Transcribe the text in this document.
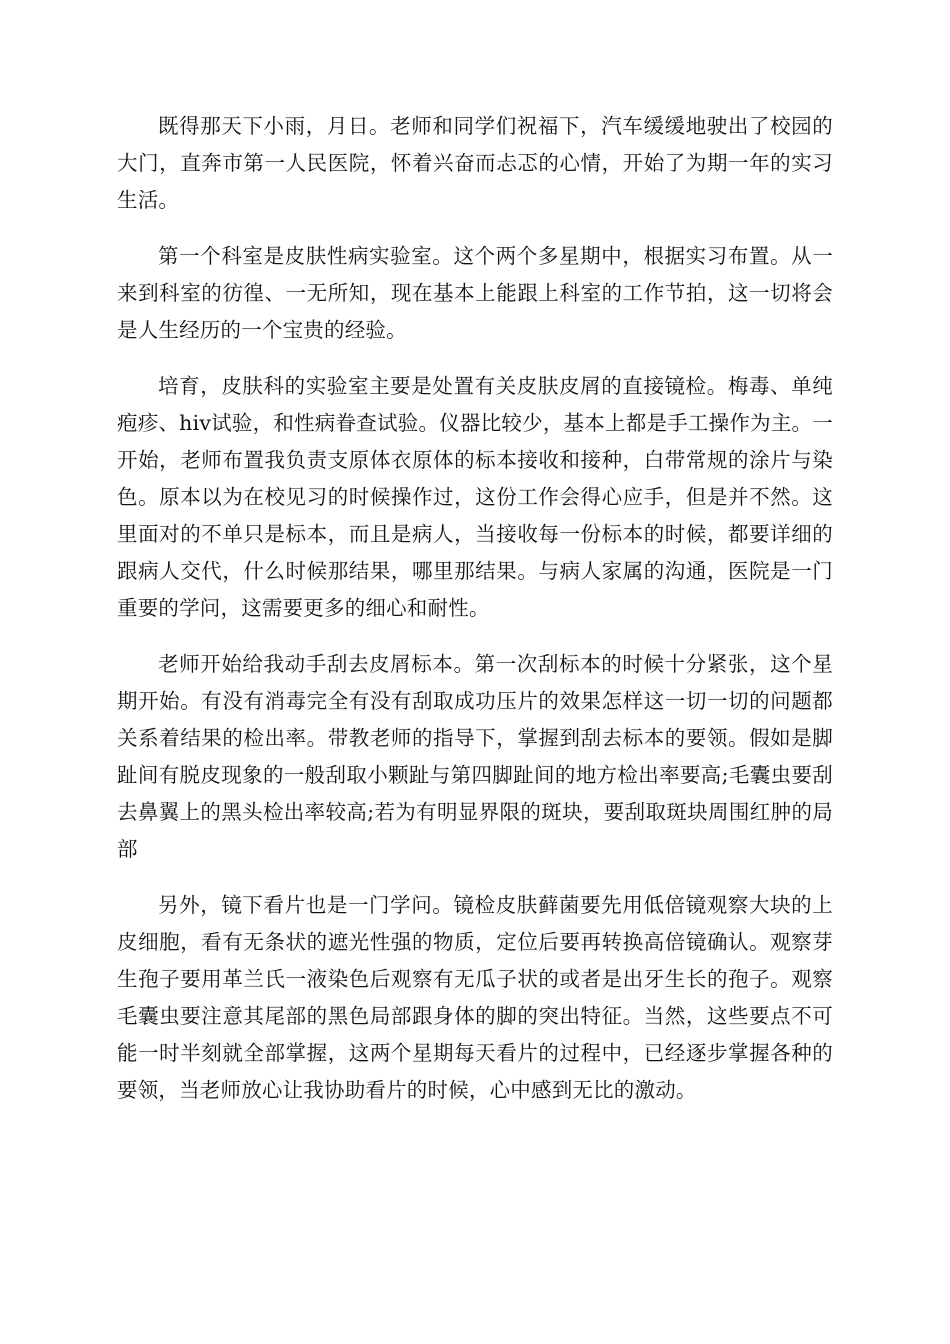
既得那天下小雨，月日。老师和同学们祝福下，汽车缓缓地驶出了校园的大门，直奔市第一人民医院，怀着兴奋而忐忑的心情，开始了为期一年的实习生活。

第一个科室是皮肤性病实验室。这个两个多星期中，根据实习布置。从一来到科室的彷徨、一无所知，现在基本上能跟上科室的工作节拍，这一切将会是人生经历的一个宝贵的经验。

培育，皮肤科的实验室主要是处置有关皮肤皮屑的直接镜检。梅毒、单纯疱疹、hiv试验，和性病眷查试验。仪器比较少，基本上都是手工操作为主。一开始，老师布置我负责支原体衣原体的标本接收和接种，白带常规的涂片与染色。原本以为在校见习的时候操作过，这份工作会得心应手，但是并不然。这里面对的不单只是标本，而且是病人，当接收每一份标本的时候，都要详细的跟病人交代，什么时候那结果，哪里那结果。与病人家属的沟通，医院是一门重要的学问，这需要更多的细心和耐性。

老师开始给我动手刮去皮屑标本。第一次刮标本的时候十分紧张，这个星期开始。有没有消毒完全有没有刮取成功压片的效果怎样这一切一切的问题都关系着结果的检出率。带教老师的指导下，掌握到刮去标本的要领。假如是脚趾间有脱皮现象的一般刮取小颗趾与第四脚趾间的地方检出率要高;毛囊虫要刮去鼻翼上的黑头检出率较高;若为有明显界限的斑块，要刮取斑块周围红肿的局部

另外，镜下看片也是一门学问。镜检皮肤藓菌要先用低倍镜观察大块的上皮细胞，看有无条状的遮光性强的物质，定位后要再转换高倍镜确认。观察芽生孢子要用革兰氏一液染色后观察有无瓜子状的或者是出牙生长的孢子。观察毛囊虫要注意其尾部的黑色局部跟身体的脚的突出特征。当然，这些要点不可能一时半刻就全部掌握，这两个星期每天看片的过程中，已经逐步掌握各种的要领，当老师放心让我协助看片的时候，心中感到无比的激动。
